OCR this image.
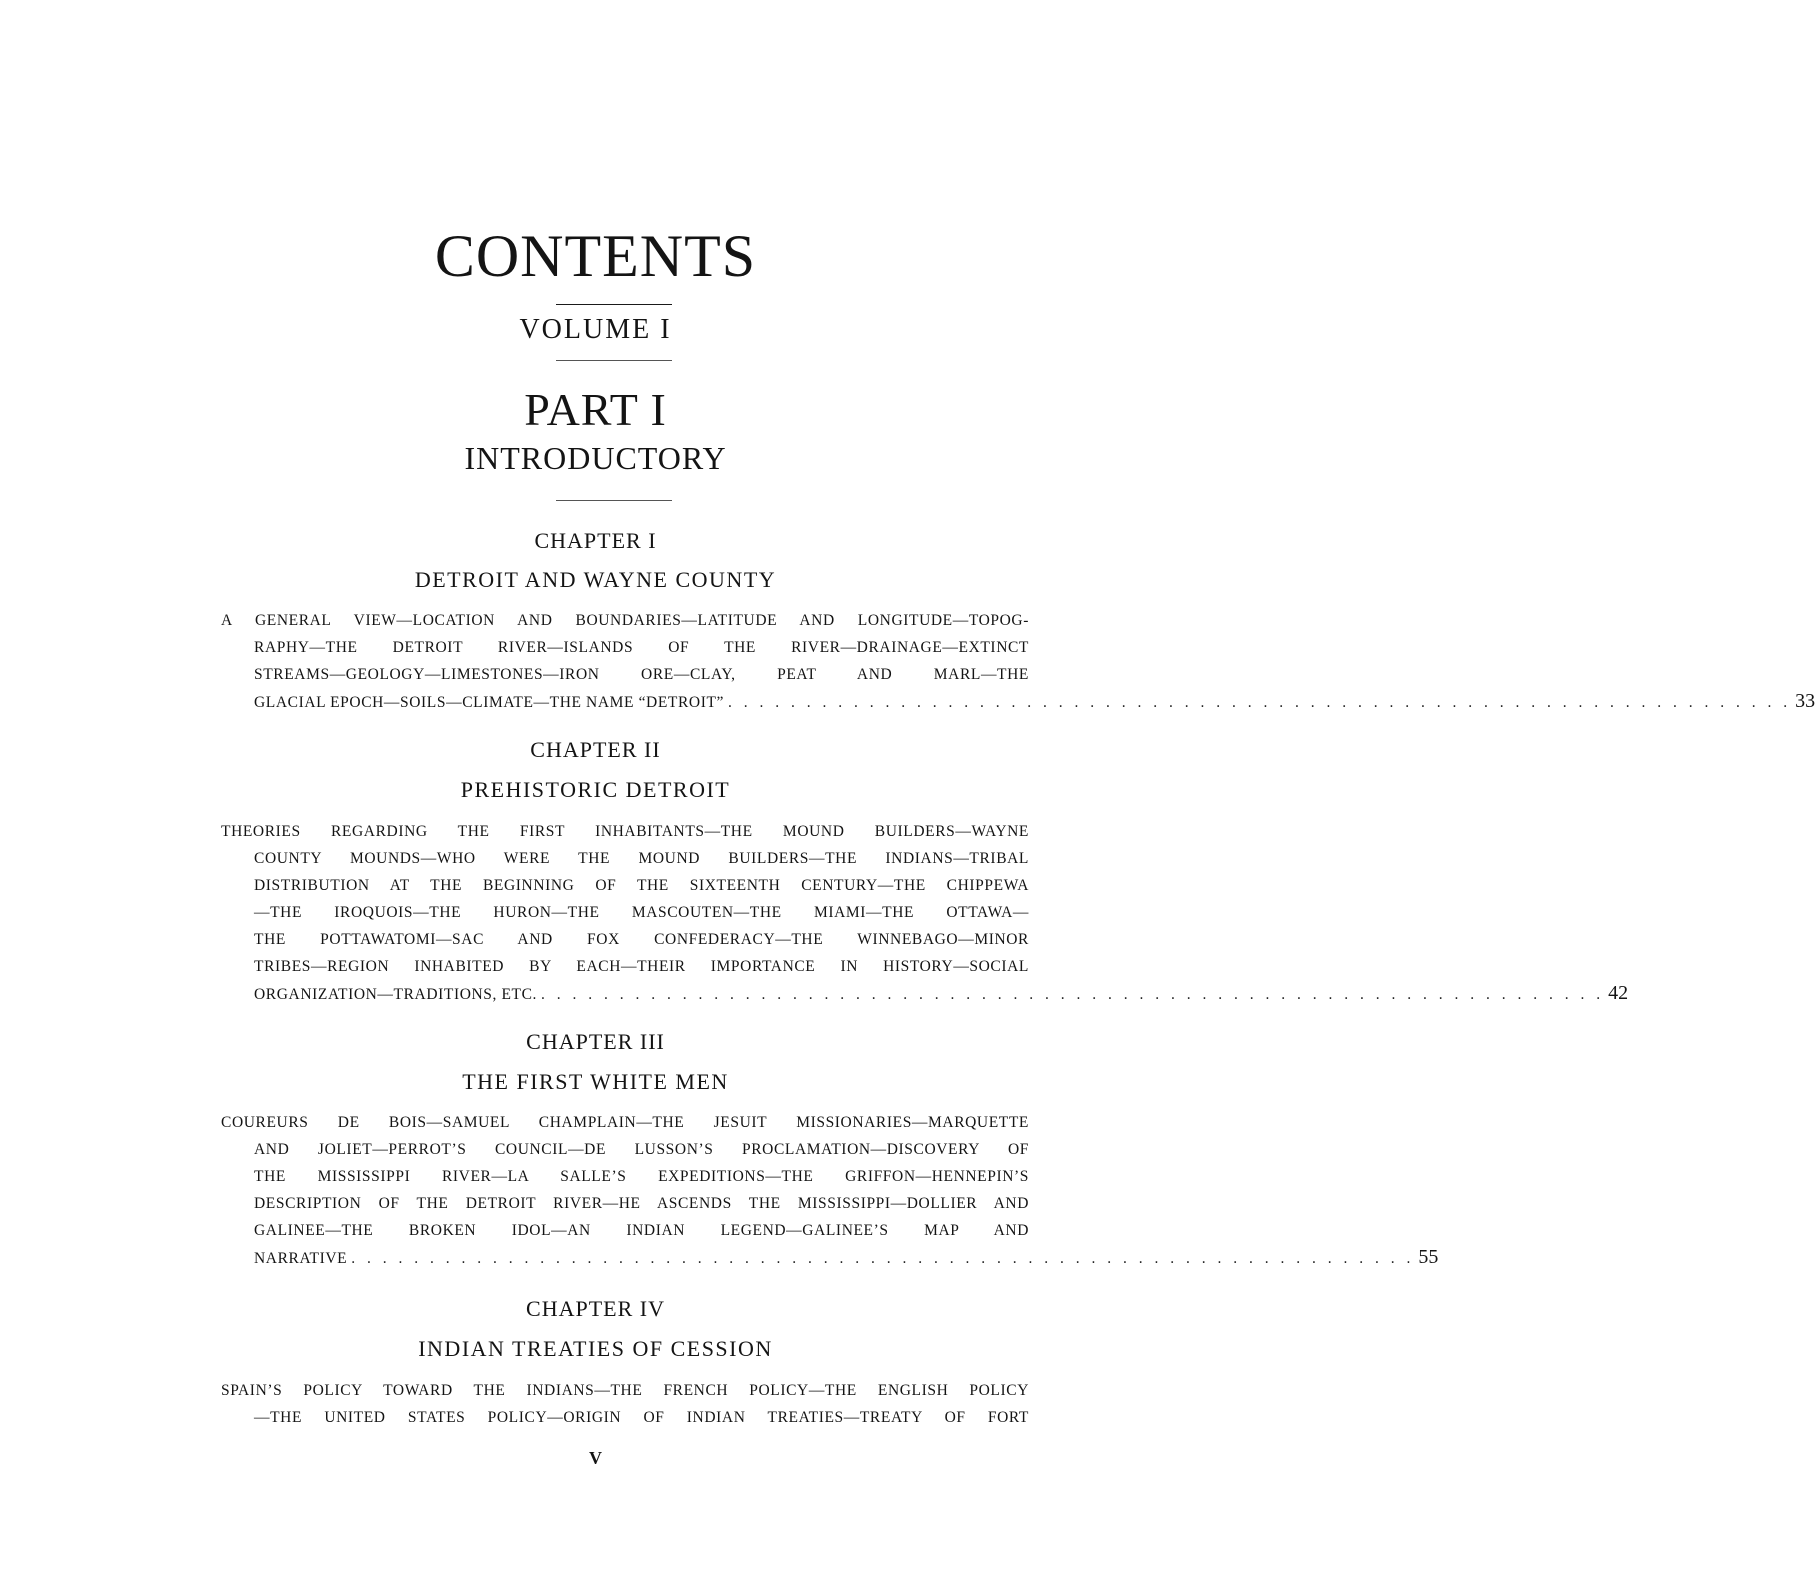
CONTENTS
VOLUME I
PART I
INTRODUCTORY
CHAPTER I
DETROIT AND WAYNE COUNTY
A GENERAL VIEW—LOCATION AND BOUNDARIES—LATITUDE AND LONGITUDE—TOPOG-
RAPHY—THE DETROIT RIVER—ISLANDS OF THE RIVER—DRAINAGE—EXTINCT
STREAMS—GEOLOGY—LIMESTONES—IRON ORE—CLAY, PEAT AND MARL—THE
GLACIAL EPOCH—SOILS—CLIMATE—THE NAME “DETROIT” . . . . . . . . . . . . . . . . . . . . . . . . . . . . . . . . . . . . . . . . . . . . . . . . . . . . . . . . . . . . . . . . . . . . 33
CHAPTER II
PREHISTORIC DETROIT
THEORIES REGARDING THE FIRST INHABITANTS—THE MOUND BUILDERS—WAYNE
COUNTY MOUNDS—WHO WERE THE MOUND BUILDERS—THE INDIANS—TRIBAL
DISTRIBUTION AT THE BEGINNING OF THE SIXTEENTH CENTURY—THE CHIPPEWA
—THE IROQUOIS—THE HURON—THE MASCOUTEN—THE MIAMI—THE OTTAWA—
THE POTTAWATOMI—SAC AND FOX CONFEDERACY—THE WINNEBAGO—MINOR
TRIBES—REGION INHABITED BY EACH—THEIR IMPORTANCE IN HISTORY—SOCIAL
ORGANIZATION—TRADITIONS, ETC. . . . . . . . . . . . . . . . . . . . . . . . . . . . . . . . . . . . . . . . . . . . . . . . . . . . . . . . . . . . . . . . . . . . . 42
CHAPTER III
THE FIRST WHITE MEN
COUREURS DE BOIS—SAMUEL CHAMPLAIN—THE JESUIT MISSIONARIES—MARQUETTE
AND JOLIET—PERROT’S COUNCIL—DE LUSSON’S PROCLAMATION—DISCOVERY OF
THE MISSISSIPPI RIVER—LA SALLE’S EXPEDITIONS—THE GRIFFON—HENNEPIN’S
DESCRIPTION OF THE DETROIT RIVER—HE ASCENDS THE MISSISSIPPI—DOLLIER AND
GALINEE—THE BROKEN IDOL—AN INDIAN LEGEND—GALINEE’S MAP AND
NARRATIVE . . . . . . . . . . . . . . . . . . . . . . . . . . . . . . . . . . . . . . . . . . . . . . . . . . . . . . . . . . . . . . . . . . . . 55
CHAPTER IV
INDIAN TREATIES OF CESSION
SPAIN’S POLICY TOWARD THE INDIANS—THE FRENCH POLICY—THE ENGLISH POLICY
—THE UNITED STATES POLICY—ORIGIN OF INDIAN TREATIES—TREATY OF FORT
V
